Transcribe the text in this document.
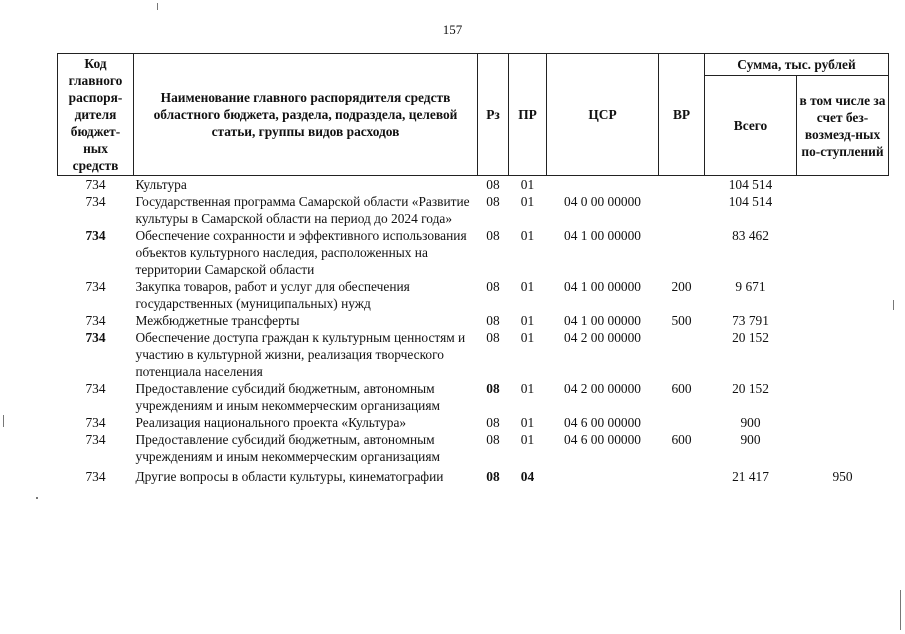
157
Код главного распоря-дителя бюджет-ных средств	Наименование главного распорядителя средств областного бюджета, раздела, подраздела, целевой статьи, группы видов расходов	Рз	ПР	ЦСР	ВР	Сумма, тыс. рублей	
						Всего	в том числе за счет без-возмезд-ных по-ступлений
734	Культура	08	01			104 514	
734	Государственная программа Самарской области «Развитие культуры в Самарской области на период до 2024 года»	08	01	04 0 00 00000		104 514	
734	Обеспечение сохранности и эффективного использования объектов культурного наследия, расположенных на территории Самарской области	08	01	04 1 00 00000		83 462	
734	Закупка товаров, работ и услуг для обеспечения государственных (муниципальных) нужд	08	01	04 1 00 00000	200	9 671	
734	Межбюджетные трансферты	08	01	04 1 00 00000	500	73 791	
734	Обеспечение доступа граждан к культурным ценностям и участию в культурной жизни, реализация творческого потенциала населения	08	01	04 2 00 00000		20 152	
734	Предоставление субсидий бюджетным, автономным учреждениям и иным некоммерческим организациям	08	01	04 2 00 00000	600	20 152	
734	Реализация национального проекта «Культура»	08	01	04 6 00 00000		900	
734	Предоставление субсидий бюджетным, автономным учреждениям и иным некоммерческим организациям	08	01	04 6 00 00000	600	900	
734	Другие вопросы в области культуры, кинематографии	08	04			21 417	950
